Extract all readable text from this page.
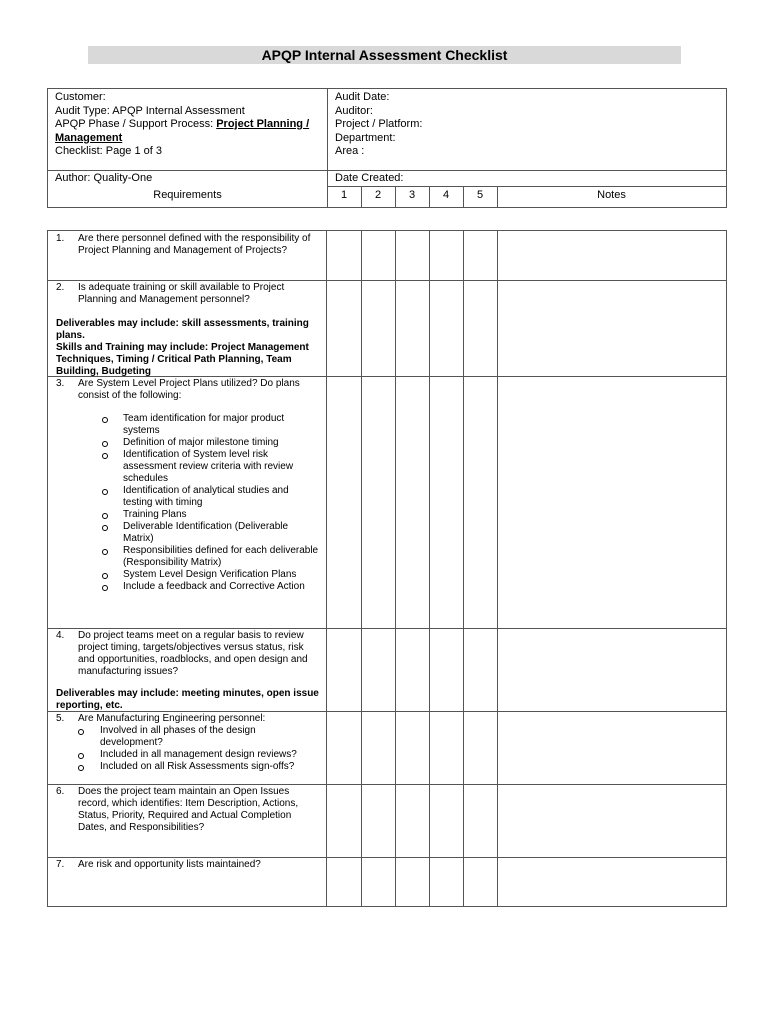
APQP Internal Assessment Checklist
Customer:
Audit Type: APQP Internal Assessment
APQP Phase / Support Process: Project Planning /
Management
Checklist: Page 1 of 3
Audit Date:
Auditor:
Project / Platform:
Department:
Area :
Author: Quality-One	Date Created:
Requirements	1	2	3	4	5	Notes
1. Are there personnel defined with the responsibility of
Project Planning and Management of Projects?
2. Is adequate training or skill available to Project
Planning and Management personnel?
Deliverables may include: skill assessments, training
plans.
Skills and Training may include: Project Management
Techniques, Timing / Critical Path Planning, Team
Building, Budgeting
3. Are System Level Project Plans utilized? Do plans
consist of the following:
Team identification for major product
systems
Definition of major milestone timing
Identification of System level risk
assessment review criteria with review
schedules
Identification of analytical studies and
testing with timing
Training Plans
Deliverable Identification (Deliverable
Matrix)
Responsibilities defined for each deliverable
(Responsibility Matrix)
System Level Design Verification Plans
Include a feedback and Corrective Action
4. Do project teams meet on a regular basis to review
project timing, targets/objectives versus status, risk
and opportunities, roadblocks, and open design and
manufacturing issues?
Deliverables may include: meeting minutes, open issue
reporting, etc.
5. Are Manufacturing Engineering personnel:
Involved in all phases of the design
development?
Included in all management design reviews?
Included on all Risk Assessments sign-offs?
6. Does the project team maintain an Open Issues
record, which identifies: Item Description, Actions,
Status, Priority, Required and Actual Completion
Dates, and Responsibilities?
7. Are risk and opportunity lists maintained?
